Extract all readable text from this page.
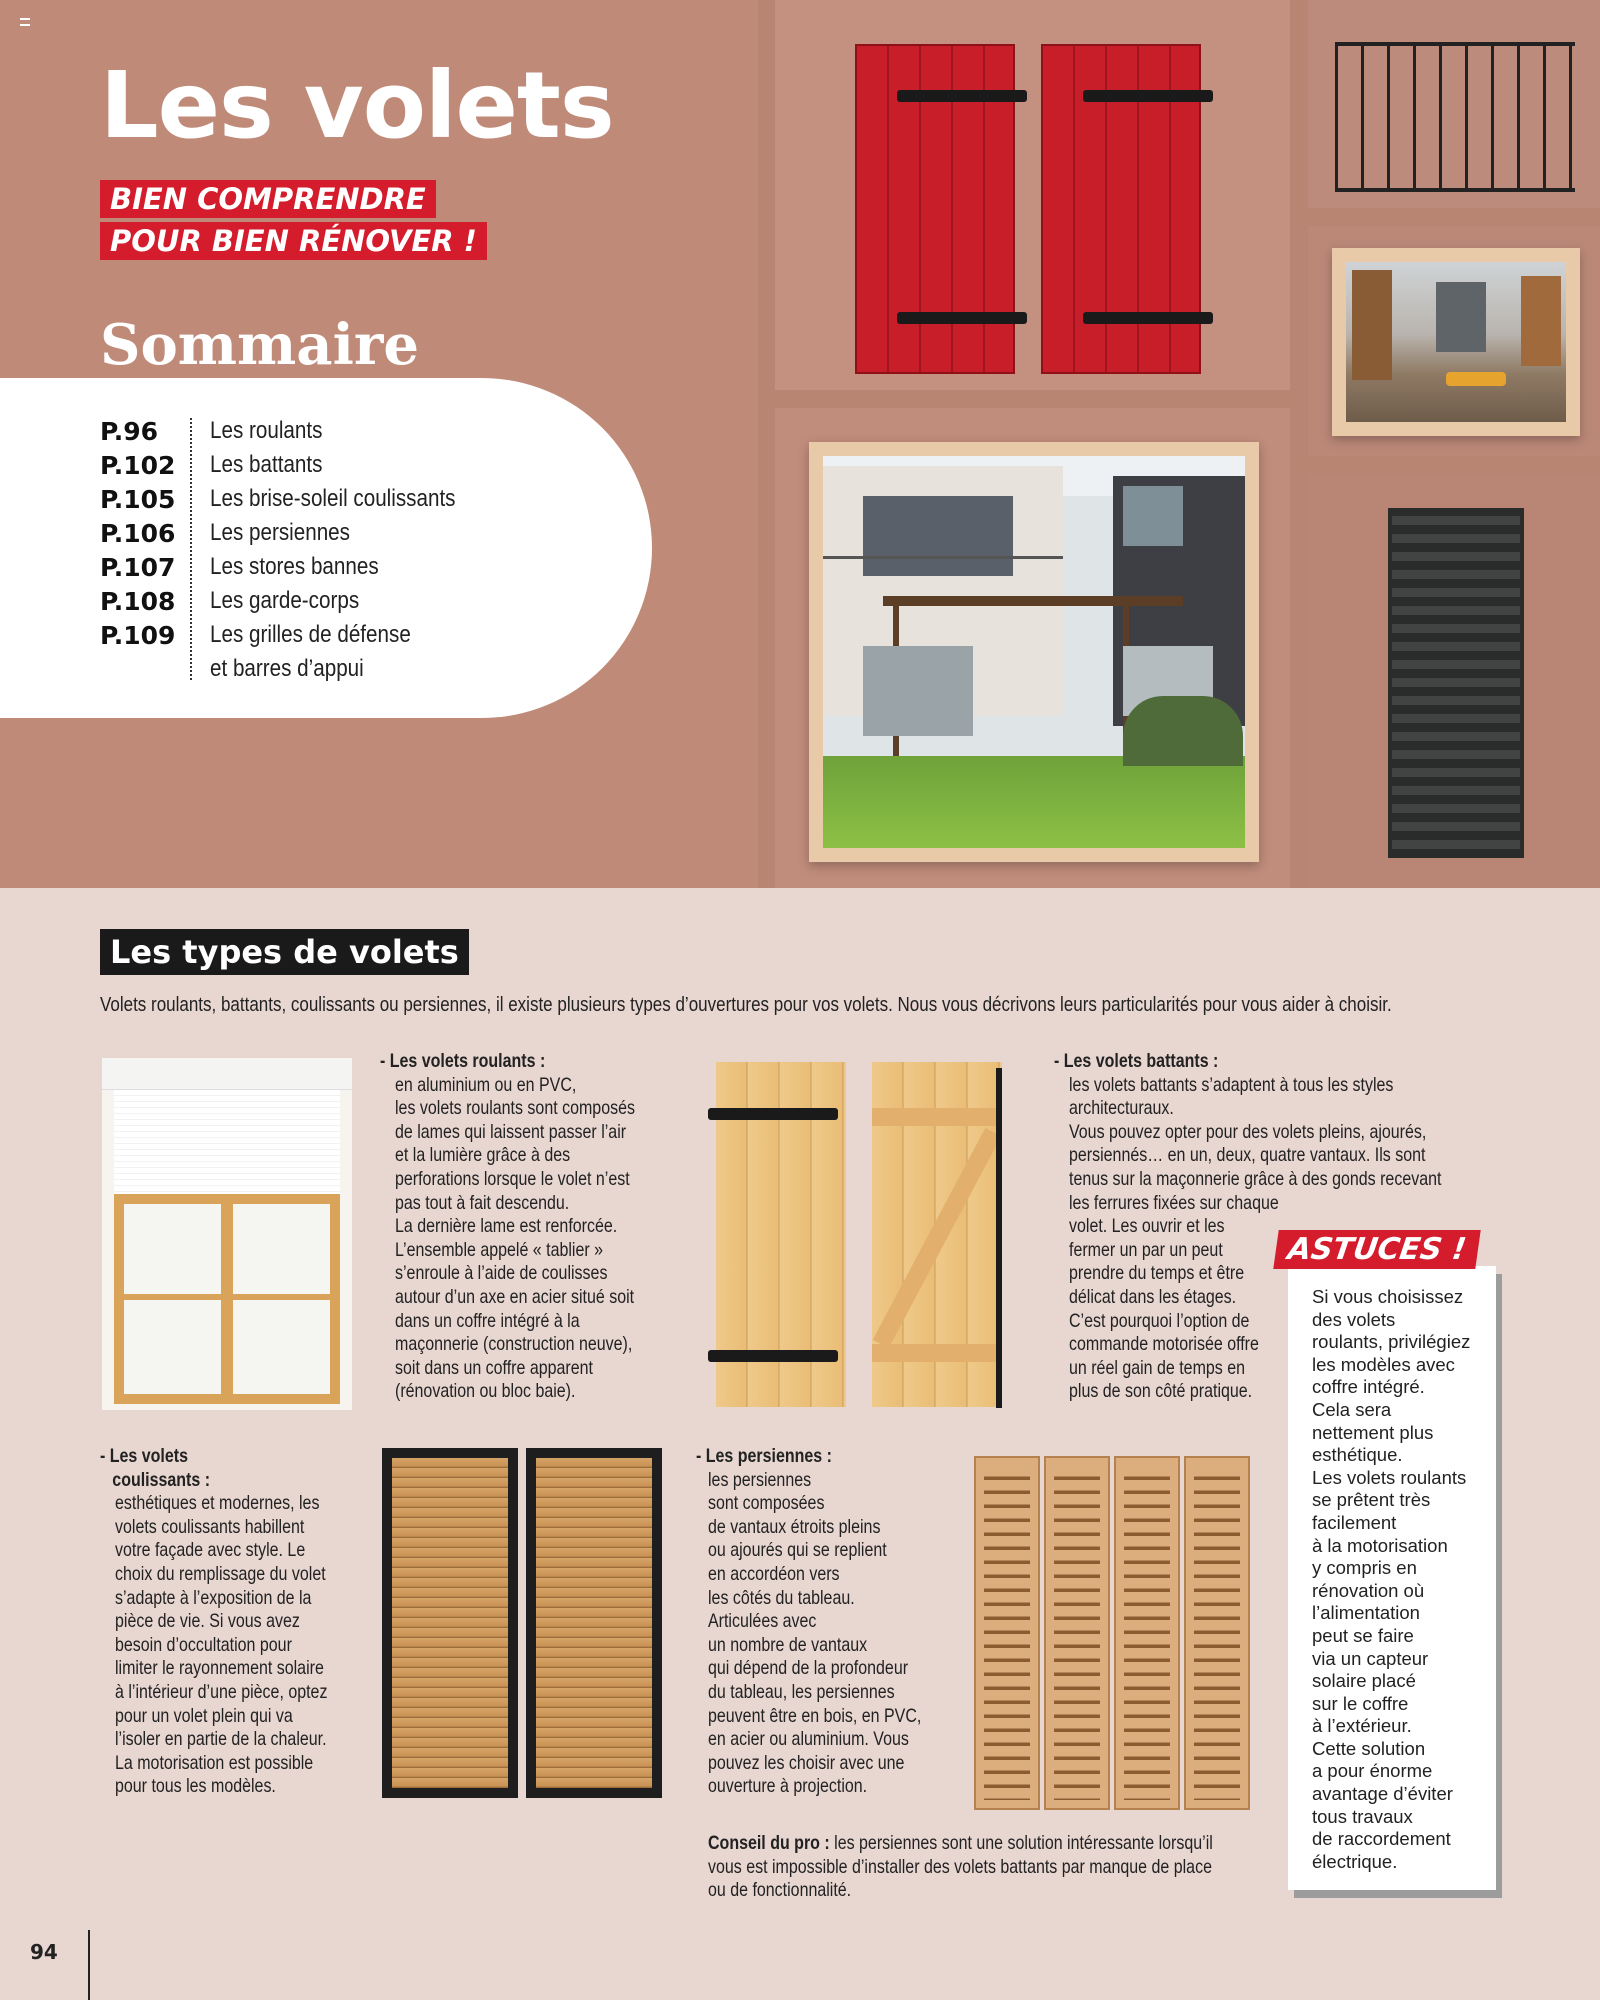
Les volets
BIEN COMPRENDRE
POUR BIEN RÉNOVER !
Sommaire
P.96	Les roulants
P.102	Les battants
P.105	Les brise-soleil coulissants
P.106	Les persiennes
P.107	Les stores bannes
P.108	Les garde-corps
P.109	Les grilles de défense
et barres d’appui
Les types de volets
Volets roulants, battants, coulissants ou persiennes, il existe plusieurs types d’ouvertures pour vos volets. Nous vous décrivons leurs particularités pour vous aider à choisir.
- Les volets roulants :
en aluminium ou en PVC,
les volets roulants sont composés
de lames qui laissent passer l’air
et la lumière grâce à des
perforations lorsque le volet n’est
pas tout à fait descendu.
La dernière lame est renforcée.
L’ensemble appelé « tablier »
s’enroule à l’aide de coulisses
autour d’un axe en acier situé soit
dans un coffre intégré à la
maçonnerie (construction neuve),
soit dans un coffre apparent
(rénovation ou bloc baie).
- Les volets battants :
les volets battants s’adaptent à tous les styles
architecturaux.
Vous pouvez opter pour des volets pleins, ajourés,
persiennés… en un, deux, quatre vantaux. Ils sont
tenus sur la maçonnerie grâce à des gonds recevant
les ferrures fixées sur chaque
volet. Les ouvrir et les
fermer un par un peut
prendre du temps et être
délicat dans les étages.
C’est pourquoi l’option de
commande motorisée offre
un réel gain de temps en
plus de son côté pratique.
- Les volets
coulissants :
esthétiques et modernes, les
volets coulissants habillent
votre façade avec style. Le
choix du remplissage du volet
s’adapte à l’exposition de la
pièce de vie. Si vous avez
besoin d’occultation pour
limiter le rayonnement solaire
à l’intérieur d’une pièce, optez
pour un volet plein qui va
l’isoler en partie de la chaleur.
La motorisation est possible
pour tous les modèles.
- Les persiennes :
les persiennes
sont composées
de vantaux étroits pleins
ou ajourés qui se replient
en accordéon vers
les côtés du tableau.
Articulées avec
un nombre de vantaux
qui dépend de la profondeur
du tableau, les persiennes
peuvent être en bois, en PVC,
en acier ou aluminium. Vous
pouvez les choisir avec une
ouverture à projection.
Conseil du pro : les persiennes sont une solution intéressante lorsqu’il
vous est impossible d’installer des volets battants par manque de place
ou de fonctionnalité.
ASTUCES !
Si vous choisissez
des volets
roulants, privilégiez
les modèles avec
coffre intégré.
Cela sera
nettement plus
esthétique.
Les volets roulants
se prêtent très
facilement
à la motorisation
y compris en
rénovation où
l’alimentation
peut se faire
via un capteur
solaire placé
sur le coffre
à l’extérieur.
Cette solution
a pour énorme
avantage d’éviter
tous travaux
de raccordement
électrique.
94
